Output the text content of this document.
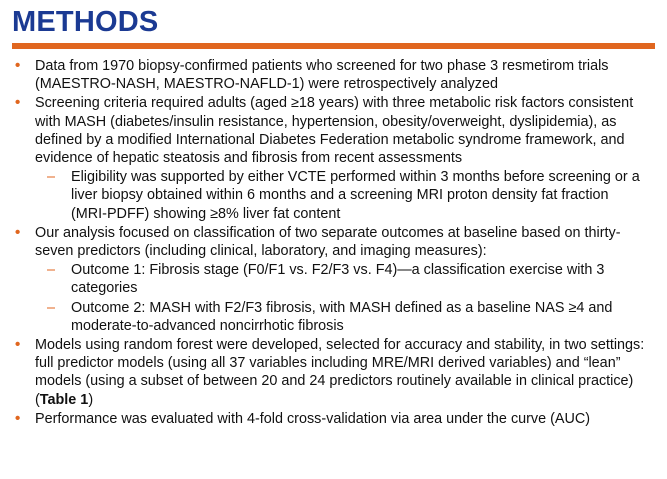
METHODS
• Data from 1970 biopsy-confirmed patients who screened for two phase 3 resmetirom trials (MAESTRO-NASH, MAESTRO-NAFLD-1) were retrospectively analyzed
• Screening criteria required adults (aged ≥18 years) with three metabolic risk factors consistent with MASH (diabetes/insulin resistance, hypertension, obesity/overweight, dyslipidemia), as defined by a modified International Diabetes Federation metabolic syndrome framework, and evidence of hepatic steatosis and fibrosis from recent assessments
– Eligibility was supported by either VCTE performed within 3 months before screening or a liver biopsy obtained within 6 months and a screening MRI proton density fat fraction (MRI-PDFF) showing ≥8% liver fat content
• Our analysis focused on classification of two separate outcomes at baseline based on thirty-seven predictors (including clinical, laboratory, and imaging measures):
– Outcome 1: Fibrosis stage (F0/F1 vs. F2/F3 vs. F4)—a classification exercise with 3 categories
– Outcome 2: MASH with F2/F3 fibrosis, with MASH defined as a baseline NAS ≥4 and moderate-to-advanced noncirrhotic fibrosis
• Models using random forest were developed, selected for accuracy and stability, in two settings: full predictor models (using all 37 variables including MRE/MRI derived variables) and “lean” models (using a subset of between 20 and 24 predictors routinely available in clinical practice) (Table 1)
• Performance was evaluated with 4-fold cross-validation via area under the curve (AUC)
